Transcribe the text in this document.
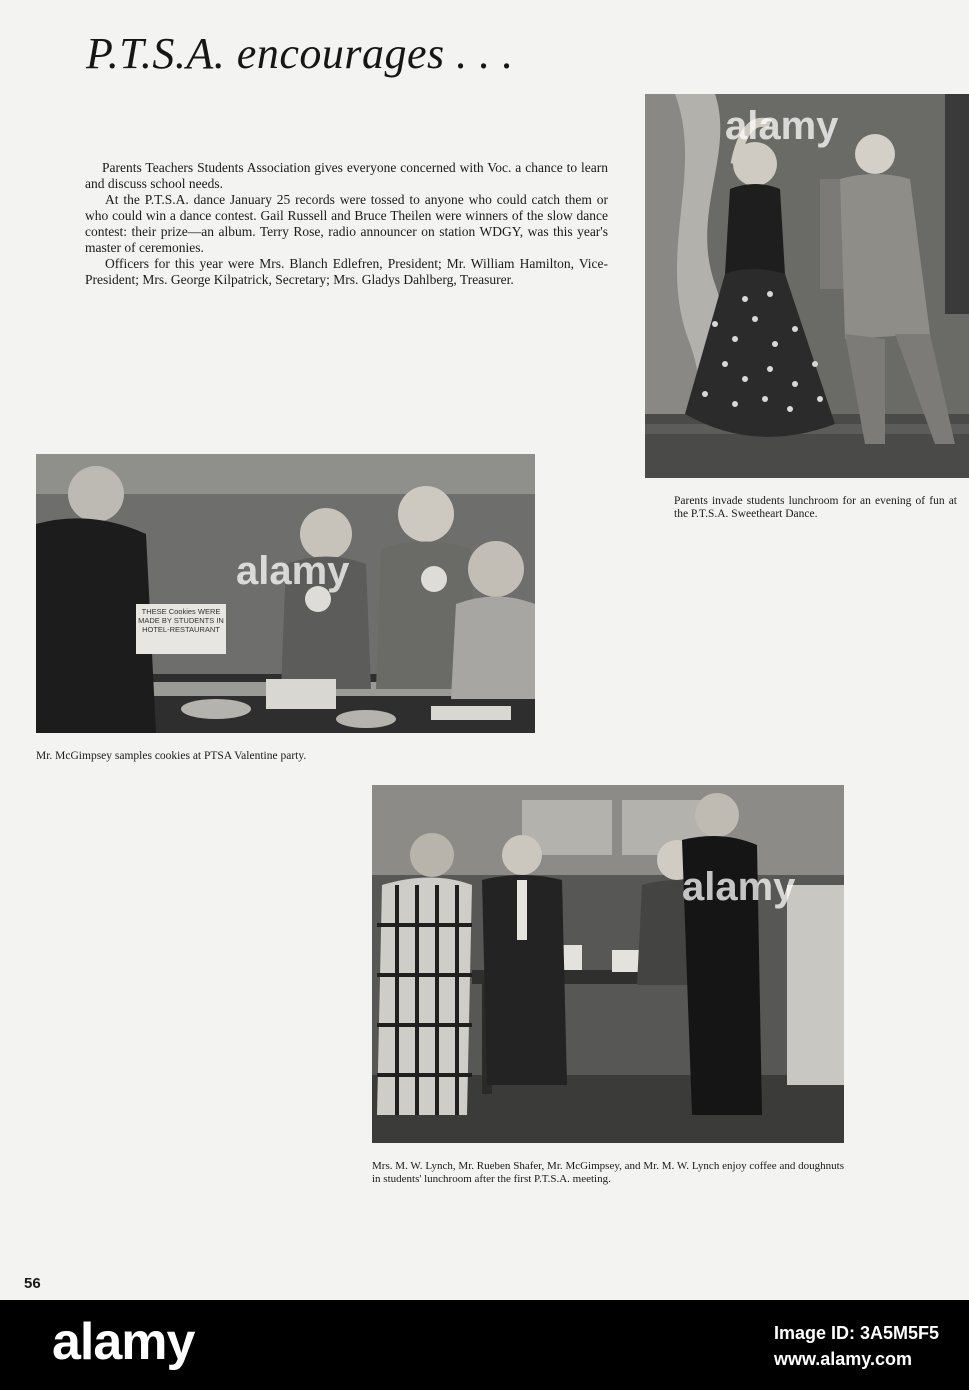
P.T.S.A. encourages . . .

Parents Teachers Students Association gives everyone concerned with Voc. a chance to learn and discuss school needs.

At the P.T.S.A. dance January 25 records were tossed to anyone who could catch them or who could win a dance contest. Gail Russell and Bruce Theilen were winners of the slow dance contest: their prize—an album. Terry Rose, radio announcer on station WDGY, was this year's master of ceremonies.

Officers for this year were Mrs. Blanch Edlefren, President; Mr. William Hamilton, Vice-President; Mrs. George Kilpatrick, Secretary; Mrs. Gladys Dahlberg, Treasurer.

alamy
Parents invade students lunchroom for an evening of fun at the P.T.S.A. Sweetheart Dance.
THESE Cookies WERE MADE BY STUDENTS IN HOTEL-RESTAURANT
alamy
Mr. McGimpsey samples cookies at PTSA Valentine party.
alamy
Mrs. M. W. Lynch, Mr. Rueben Shafer, Mr. McGimpsey, and Mr. M. W. Lynch enjoy coffee and doughnuts in students' lunchroom after the first P.T.S.A. meeting.
56
alamy	Image ID: 3A5M5F5
www.alamy.com
